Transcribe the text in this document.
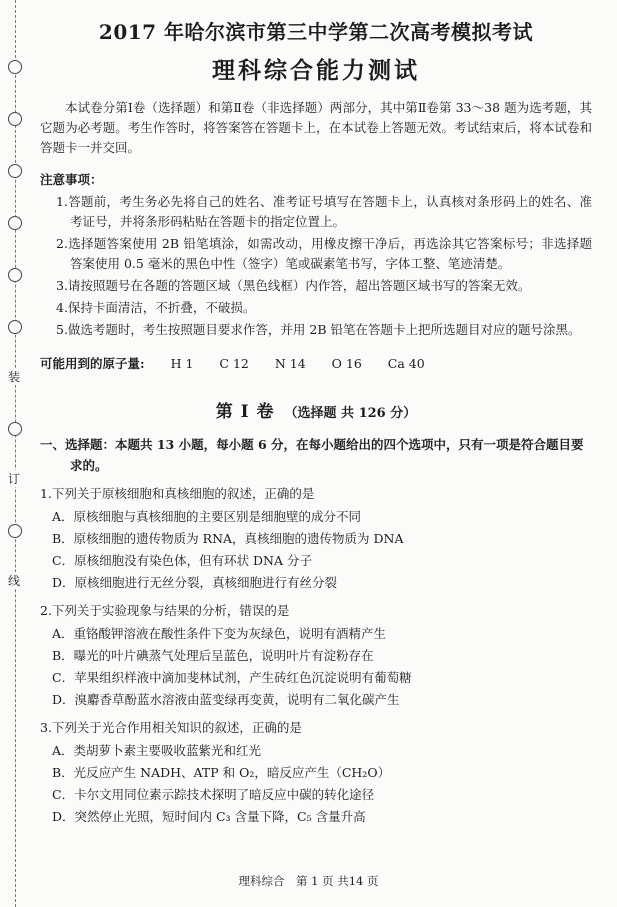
装
订
线
2017 年哈尔滨市第三中学第二次高考模拟考试
理科综合能力测试

本试卷分第Ⅰ卷（选择题）和第Ⅱ卷（非选择题）两部分，其中第Ⅱ卷第 33～38 题为选考题，其它题为必考题。考生作答时，将答案答在答题卡上，在本试卷上答题无效。考试结束后，将本试卷和答题卡一并交回。

注意事项：
1.答题前，考生务必先将自己的姓名、准考证号填写在答题卡上，认真核对条形码上的姓名、准考证号，并将条形码粘贴在答题卡的指定位置上。
2.选择题答案使用 2B 铅笔填涂，如需改动，用橡皮擦干净后，再选涂其它答案标号；非选择题答案使用 0.5 毫米的黑色中性（签字）笔或碳素笔书写，字体工整、笔迹清楚。
3.请按照题号在各题的答题区域（黑色线框）内作答，超出答题区域书写的答案无效。
4.保持卡面清洁，不折叠，不破损。
5.做选考题时，考生按照题目要求作答，并用 2B 铅笔在答题卡上把所选题目对应的题号涂黑。
可能用到的原子量: H 1 C 12 N 14 O 16 Ca 40
第 Ⅰ 卷 （选择题 共 126 分）
一、选择题：本题共 13 小题，每小题 6 分，在每小题给出的四个选项中，只有一项是符合题目要求的。

1.下列关于原核细胞和真核细胞的叙述，正确的是

A．原核细胞与真核细胞的主要区别是细胞壁的成分不同
B．原核细胞的遗传物质为 RNA，真核细胞的遗传物质为 DNA
C．原核细胞没有染色体，但有环状 DNA 分子
D．原核细胞进行无丝分裂，真核细胞进行有丝分裂

2.下列关于实验现象与结果的分析，错误的是

A．重铬酸钾溶液在酸性条件下变为灰绿色，说明有酒精产生
B．曝光的叶片碘蒸气处理后呈蓝色，说明叶片有淀粉存在
C．苹果组织样液中滴加斐林试剂，产生砖红色沉淀说明有葡萄糖
D．溴麝香草酚蓝水溶液由蓝变绿再变黄，说明有二氧化碳产生

3.下列关于光合作用相关知识的叙述，正确的是

A．类胡萝卜素主要吸收蓝紫光和红光
B．光反应产生 NADH、ATP 和 O₂，暗反应产生（CH₂O）
C．卡尔文用同位素示踪技术探明了暗反应中碳的转化途径
D．突然停止光照，短时间内 C₃ 含量下降，C₅ 含量升高
理科综合　第 1 页 共14 页
